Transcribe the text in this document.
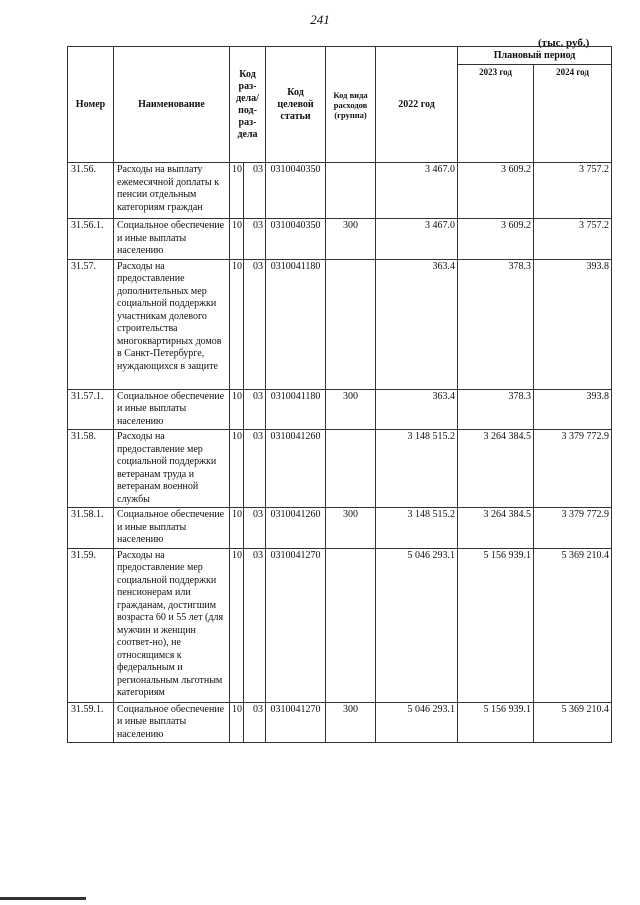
241
(тыс. руб.)
Номер	Наименование	Код раз-дела/ под-раз-дела		Код целевой статьи	Код вида расходов (группа)	2022 год	Плановый период	
							2023 год	2024 год
31.56.	Расходы на выплату ежемесячной доплаты к пенсии отдельным категориям граждан	10	03	0310040350		3 467.0	3 609.2	3 757.2
31.56.1.	Социальное обеспечение и иные выплаты населению	10	03	0310040350	300	3 467.0	3 609.2	3 757.2
31.57.	Расходы на предоставление дополнительных мер социальной поддержки участникам долевого строительства многоквартирных домов в Санкт-Петербурге, нуждающихся в защите	10	03	0310041180		363.4	378.3	393.8
31.57.1.	Социальное обеспечение и иные выплаты населению	10	03	0310041180	300	363.4	378.3	393.8
31.58.	Расходы на предоставление мер социальной поддержки ветеранам труда и ветеранам военной службы	10	03	0310041260		3 148 515.2	3 264 384.5	3 379 772.9
31.58.1.	Социальное обеспечение и иные выплаты населению	10	03	0310041260	300	3 148 515.2	3 264 384.5	3 379 772.9
31.59.	Расходы на предоставление мер социальной поддержки пенсионерам или гражданам, достигшим возраста 60 и 55 лет (для мужчин и женщин соответ-но), не относящимся к федеральным и региональным льготным категориям	10	03	0310041270		5 046 293.1	5 156 939.1	5 369 210.4
31.59.1.	Социальное обеспечение и иные выплаты населению	10	03	0310041270	300	5 046 293.1	5 156 939.1	5 369 210.4
